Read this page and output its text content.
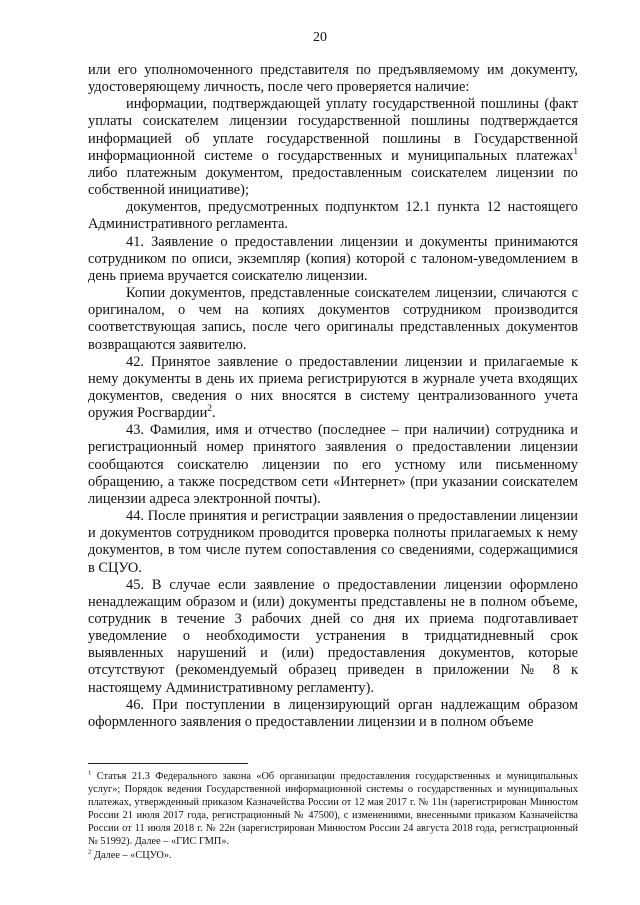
20

или его уполномоченного представителя по предъявляемому им документу, удостоверяющему личность, после чего проверяется наличие:

информации, подтверждающей уплату государственной пошлины (факт уплаты соискателем лицензии государственной пошлины подтверждается информацией об уплате государственной пошлины в Государственной информационной системе о государственных и муниципальных платежах$^1$ либо платежным документом, предоставленным соискателем лицензии по собственной инициативе);

документов, предусмотренных подпунктом 12.1 пункта 12 настоящего Административного регламента.

41. Заявление о предоставлении лицензии и документы принимаются сотрудником по описи, экземпляр (копия) которой с талоном-уведомлением в день приема вручается соискателю лицензии.

Копии документов, представленные соискателем лицензии, сличаются с оригиналом, о чем на копиях документов сотрудником производится соответствующая запись, после чего оригиналы представленных документов возвращаются заявителю.

42. Принятое заявление о предоставлении лицензии и прилагаемые к нему документы в день их приема регистрируются в журнале учета входящих документов, сведения о них вносятся в систему централизованного учета оружия Росгвардии$^2$.

43. Фамилия, имя и отчество (последнее – при наличии) сотрудника и регистрационный номер принятого заявления о предоставлении лицензии сообщаются соискателю лицензии по его устному или письменному обращению, а также посредством сети «Интернет» (при указании соискателем лицензии адреса электронной почты).

44. После принятия и регистрации заявления о предоставлении лицензии и документов сотрудником проводится проверка полноты прилагаемых к нему документов, в том числе путем сопоставления со сведениями, содержащимися в СЦУО.

45. В случае если заявление о предоставлении лицензии оформлено ненадлежащим образом и (или) документы представлены не в полном объеме, сотрудник в течение 3 рабочих дней со дня их приема подготавливает уведомление о необходимости устранения в тридцатидневный срок выявленных нарушений и (или) предоставления документов, которые отсутствуют (рекомендуемый образец приведен в приложении № 8 к настоящему Административному регламенту).

46. При поступлении в лицензирующий орган надлежащим образом оформленного заявления о предоставлении лицензии и в полном объеме

$^1$ Статья 21.3 Федерального закона «Об организации предоставления государственных и муниципальных услуг»; Порядок ведения Государственной информационной системы о государственных и муниципальных платежах, утвержденный приказом Казначейства России от 12 мая 2017 г. № 11н (зарегистрирован Минюстом России 21 июля 2017 года, регистрационный № 47500), с изменениями, внесенными приказом Казначейства России от 11 июля 2018 г. № 22н (зарегистрирован Минюстом России 24 августа 2018 года, регистрационный № 51992). Далее – «ГИС ГМП».

$^2$ Далее – «СЦУО».
